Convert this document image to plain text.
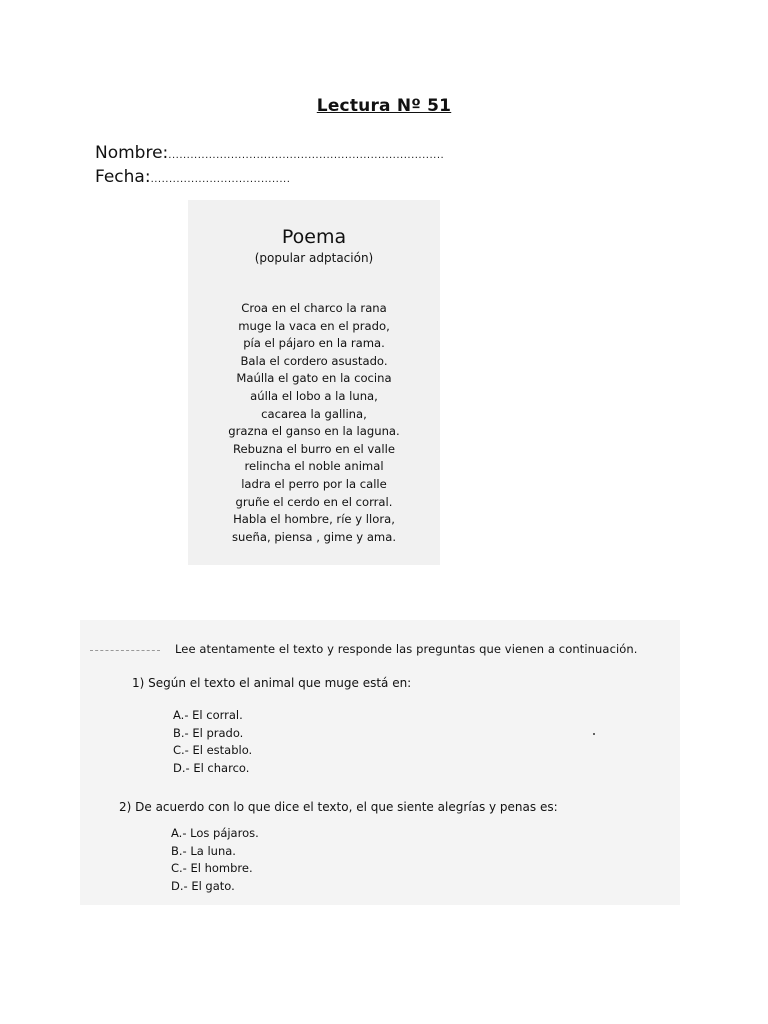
Lectura Nº 51
Nombre:...........................................................................
Fecha:......................................
Poema
(popular adptación)
Croa en el charco la rana
muge la vaca en el prado,
pía el pájaro en la rama.
Bala el cordero asustado.
Maúlla el gato en la cocina
aúlla el lobo a la luna,
cacarea la gallina,
grazna el ganso en la laguna.
Rebuzna el burro en el valle
relincha el noble animal
ladra el perro por la calle
gruñe el cerdo en el corral.
Habla el hombre, ríe y llora,
sueña, piensa , gime y ama.
Lee atentamente el texto y responde las preguntas que vienen a continuación.
1) Según el texto el animal que muge está en:
A.- El corral.
B.- El prado.
C.- El establo.
D.- El charco.
2) De acuerdo con lo que dice el texto, el que siente alegrías y penas es:
A.- Los pájaros.
B.- La luna.
C.- El hombre.
D.- El gato.
